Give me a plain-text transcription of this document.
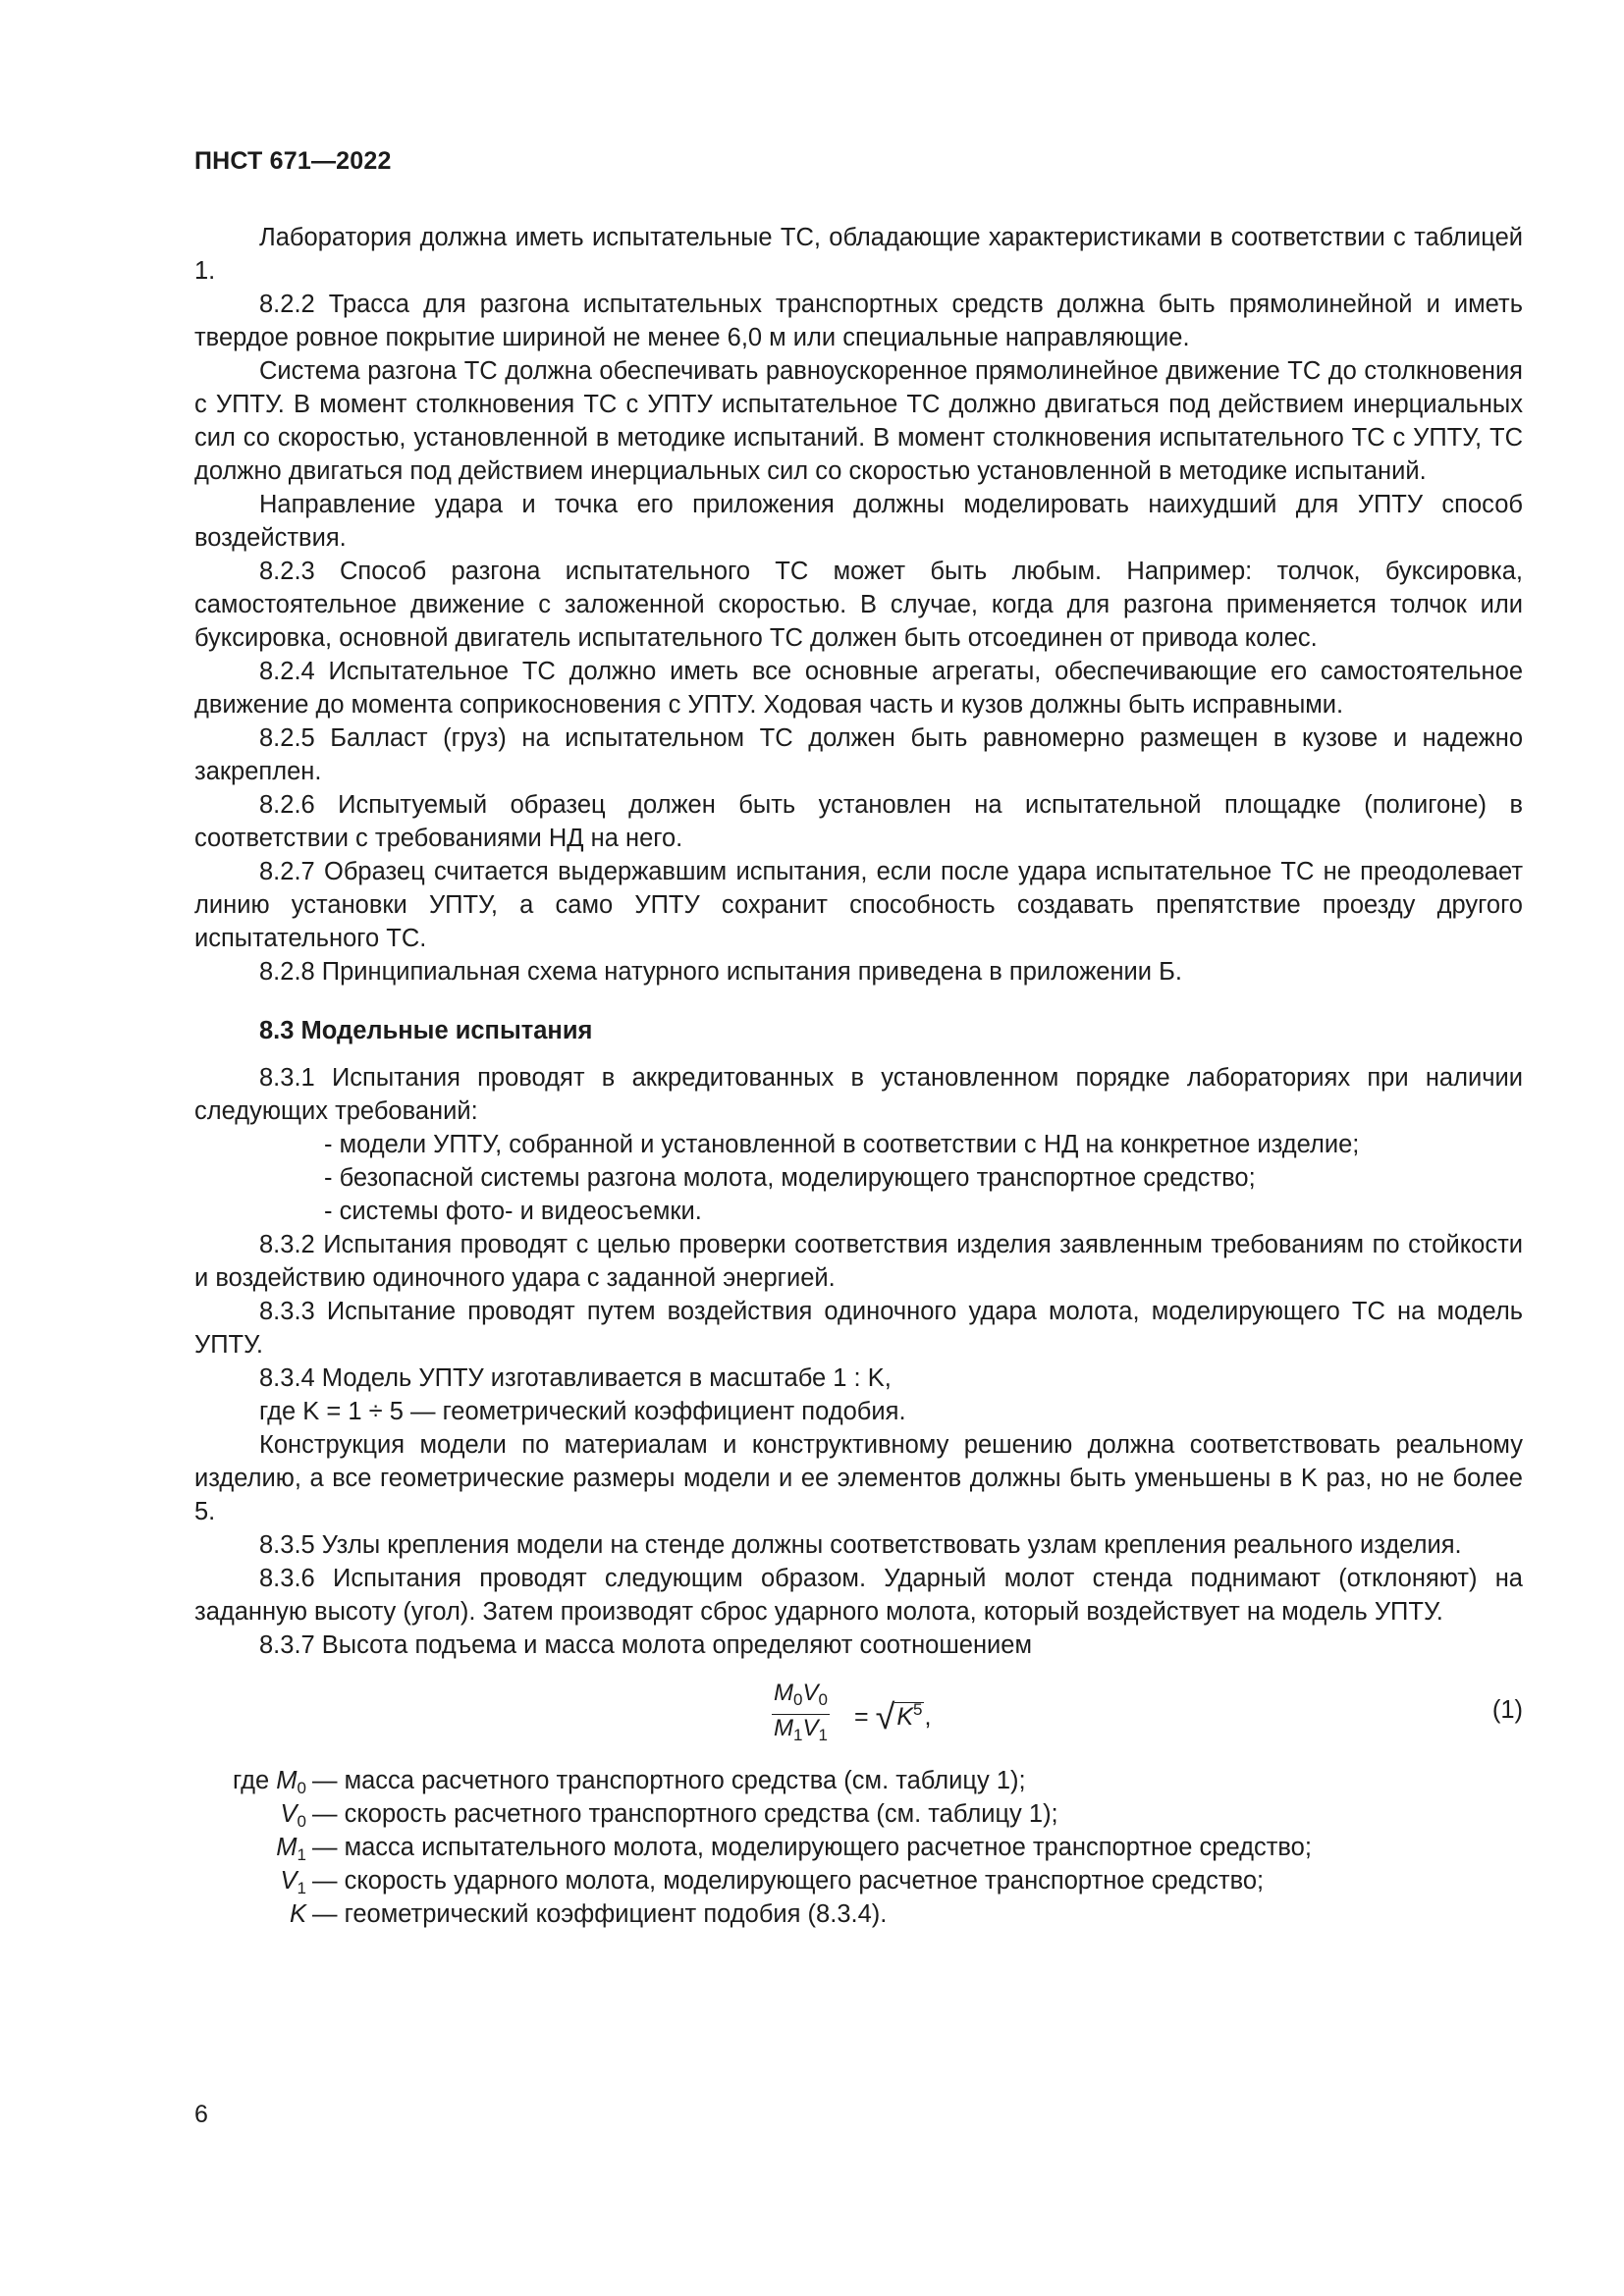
ПНСТ 671—2022

Лаборатория должна иметь испытательные ТС, обладающие характеристиками в соответствии с таблицей 1.

8.2.2 Трасса для разгона испытательных транспортных средств должна быть прямолинейной и иметь твердое ровное покрытие шириной не менее 6,0 м или специальные направляющие.

Система разгона ТС должна обеспечивать равноускоренное прямолинейное движение ТС до столкновения с УПТУ. В момент столкновения ТС с УПТУ испытательное ТС должно двигаться под действием инерциальных сил со скоростью, установленной в методике испытаний. В момент столкновения испытательного ТС с УПТУ, ТС должно двигаться под действием инерциальных сил со скоростью установленной в методике испытаний.

Направление удара и точка его приложения должны моделировать наихудший для УПТУ способ воздействия.

8.2.3 Способ разгона испытательного ТС может быть любым. Например: толчок, буксировка, самостоятельное движение с заложенной скоростью. В случае, когда для разгона применяется толчок или буксировка, основной двигатель испытательного ТС должен быть отсоединен от привода колес.

8.2.4 Испытательное ТС должно иметь все основные агрегаты, обеспечивающие его самостоятельное движение до момента соприкосновения с УПТУ. Ходовая часть и кузов должны быть исправными.

8.2.5 Балласт (груз) на испытательном ТС должен быть равномерно размещен в кузове и надежно закреплен.

8.2.6 Испытуемый образец должен быть установлен на испытательной площадке (полигоне) в соответствии с требованиями НД на него.

8.2.7 Образец считается выдержавшим испытания, если после удара испытательное ТС не преодолевает линию установки УПТУ, а само УПТУ сохранит способность создавать препятствие проезду другого испытательного ТС.

8.2.8 Принципиальная схема натурного испытания приведена в приложении Б.

8.3 Модельные испытания

8.3.1 Испытания проводят в аккредитованных в установленном порядке лабораториях при наличии следующих требований:

- модели УПТУ, собранной и установленной в соответствии с НД на конкретное изделие;

- безопасной системы разгона молота, моделирующего транспортное средство;

- системы фото- и видеосъемки.

8.3.2 Испытания проводят с целью проверки соответствия изделия заявленным требованиям по стойкости и воздействию одиночного удара с заданной энергией.

8.3.3 Испытание проводят путем воздействия одиночного удара молота, моделирующего ТС на модель УПТУ.

8.3.4 Модель УПТУ изготавливается в масштабе 1 : K,

где K = 1 ÷ 5 — геометрический коэффициент подобия.

Конструкция модели по материалам и конструктивному решению должна соответствовать реальному изделию, а все геометрические размеры модели и ее элементов должны быть уменьшены в K раз, но не более 5.

8.3.5 Узлы крепления модели на стенде должны соответствовать узлам крепления реального изделия.

8.3.6 Испытания проводят следующим образом. Ударный молот стенда поднимают (отклоняют) на заданную высоту (угол). Затем производят сброс ударного молота, который воздействует на модель УПТУ.

8.3.7 Высота подъема и масса молота определяют соотношением

$\frac{M_0V_0}{M_1V_1} = √K^5$,	(1)
где $M_0$ — масса расчетного транспортного средства (см. таблицу 1);
$V_0$ — скорость расчетного транспортного средства (см. таблицу 1);
$M_1$ — масса испытательного молота, моделирующего расчетное транспортное средство;
$V_1$ — скорость ударного молота, моделирующего расчетное транспортное средство;
K — геометрический коэффициент подобия (8.3.4).
6
